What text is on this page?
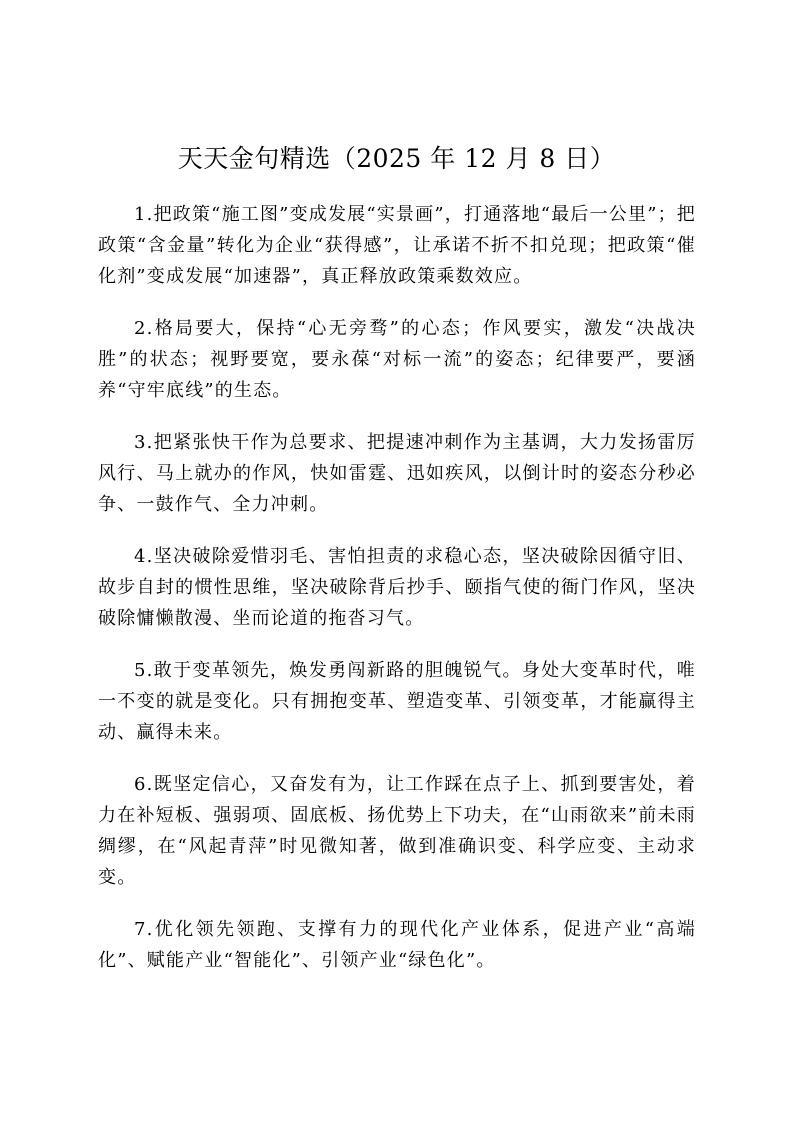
天天金句精选（2025 年 12 月 8 日）

1.把政策“施工图”变成发展“实景画”，打通落地“最后一公里”；把政策“含金量”转化为企业“获得感”，让承诺不折不扣兑现；把政策“催化剂”变成发展“加速器”，真正释放政策乘数效应。

2.格局要大，保持“心无旁骛”的心态；作风要实，激发“决战决胜”的状态；视野要宽，要永葆“对标一流”的姿态；纪律要严，要涵养“守牢底线”的生态。

3.把紧张快干作为总要求、把提速冲刺作为主基调，大力发扬雷厉风行、马上就办的作风，快如雷霆、迅如疾风，以倒计时的姿态分秒必争、一鼓作气、全力冲刺。

4.坚决破除爱惜羽毛、害怕担责的求稳心态，坚决破除因循守旧、故步自封的惯性思维，坚决破除背后抄手、颐指气使的衙门作风，坚决破除慵懒散漫、坐而论道的拖沓习气。

5.敢于变革领先，焕发勇闯新路的胆魄锐气。身处大变革时代，唯一不变的就是变化。只有拥抱变革、塑造变革、引领变革，才能赢得主动、赢得未来。

6.既坚定信心，又奋发有为，让工作踩在点子上、抓到要害处，着力在补短板、强弱项、固底板、扬优势上下功夫，在“山雨欲来”前未雨绸缪，在“风起青萍”时见微知著，做到准确识变、科学应变、主动求变。

7.优化领先领跑、支撑有力的现代化产业体系，促进产业“高端化”、赋能产业“智能化”、引领产业“绿色化”。
